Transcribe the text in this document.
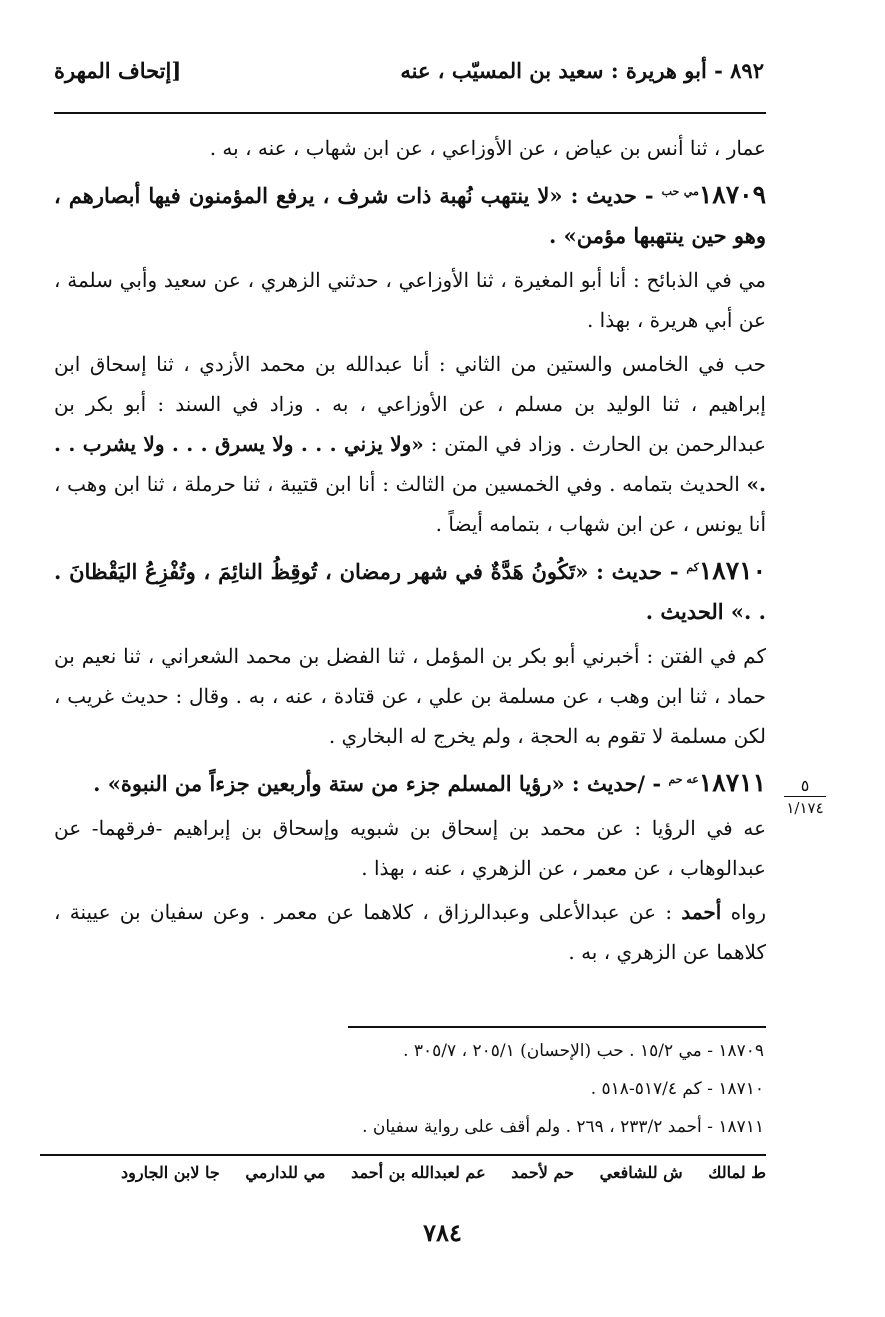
٨٩٢ - أبو هريرة : سعيد بن المسيّب ، عنه
[إتحاف المهرة

عمار ، ثنا أنس بن عياض ، عن الأوزاعي ، عن ابن شهاب ، عنه ، به .

$١٨٧٠٩^{مي حب}$ - حديث : «لا ينتهب نُهبة ذات شرف ، يرفع المؤمنون فيها أبصارهم ، وهو حين ينتهبها مؤمن» .

مي في الذبائح : أنا أبو المغيرة ، ثنا الأوزاعي ، حدثني الزهري ، عن سعيد وأبي سلمة ، عن أبي هريرة ، بهذا .

حب في الخامس والستين من الثاني : أنا عبدالله بن محمد الأزدي ، ثنا إسحاق ابن إبراهيم ، ثنا الوليد بن مسلم ، عن الأوزاعي ، به . وزاد في السند : أبو بكر بن عبدالرحمن بن الحارث . وزاد في المتن : «ولا يزني . . . ولا يسرق . . . ولا يشرب . . .» الحديث بتمامه . وفي الخمسين من الثالث : أنا ابن قتيبة ، ثنا حرملة ، ثنا ابن وهب ، أنا يونس ، عن ابن شهاب ، بتمامه أيضاً .

$١٨٧١٠^{كم}$ - حديث : «تَكُونُ هَدَّةٌ في شهر رمضان ، تُوقِظُ النائِمَ ، وتُفْزِعُ اليَقْظانَ . . .» الحديث .

كم في الفتن : أخبرني أبو بكر بن المؤمل ، ثنا الفضل بن محمد الشعراني ، ثنا نعيم بن حماد ، ثنا ابن وهب ، عن مسلمة بن علي ، عن قتادة ، عنه ، به . وقال : حديث غريب ، لكن مسلمة لا تقوم به الحجة ، ولم يخرج له البخاري .

$١٨٧١١^{عه حم}$ - /حديث : «رؤيا المسلم جزء من ستة وأربعين جزءاً من النبوة» .

عه في الرؤيا : عن محمد بن إسحاق بن شبويه وإسحاق بن إبراهيم -فرقهما- عن عبدالوهاب ، عن معمر ، عن الزهري ، عنه ، بهذا .

رواه أحمد : عن عبدالأعلى وعبدالرزاق ، كلاهما عن معمر . وعن سفيان بن عيينة ، كلاهما عن الزهري ، به .

٥
١/١٧٤
١٨٧٠٩ - مي ١٥/٢ . حب (الإحسان) ٢٠٥/١ ، ٣٠٥/٧ .
١٨٧١٠ - كم ٥١٧/٤-٥١٨ .
١٨٧١١ - أحمد ٢٣٣/٢ ، ٢٦٩ . ولم أقف على رواية سفيان .
ط لمالك ش للشافعي حم لأحمد عم لعبدالله بن أحمد مي للدارمي جا لابن الجارود
٧٨٤
